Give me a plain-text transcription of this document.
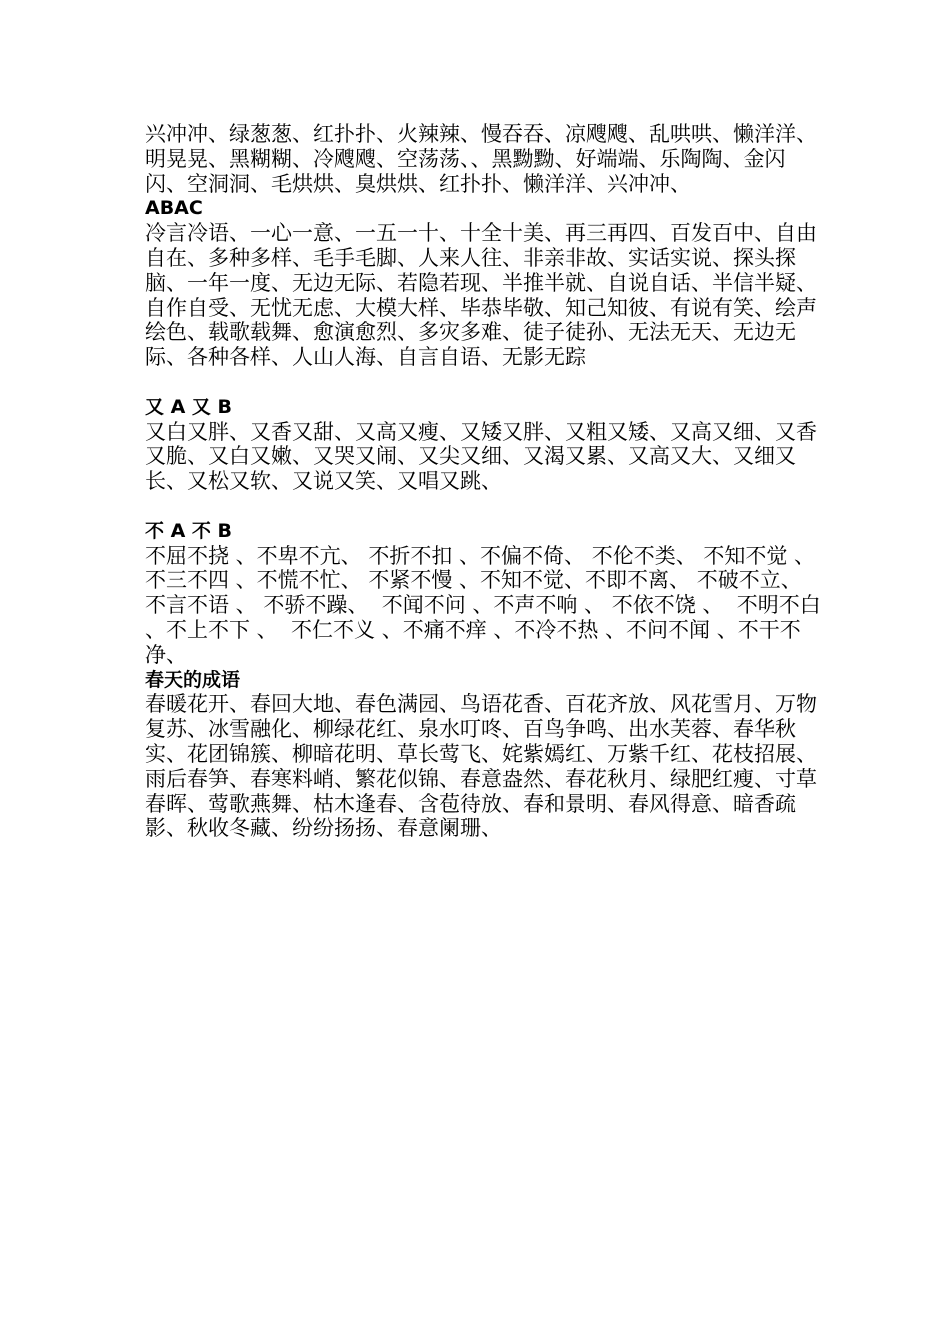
兴冲冲、绿葱葱、红扑扑、火辣辣、慢吞吞、凉飕飕、乱哄哄、懒洋洋、明晃晃、黑糊糊、冷飕飕、空荡荡、、黑黝黝、好端端、乐陶陶、金闪闪、空洞洞、毛烘烘、臭烘烘、红扑扑、懒洋洋、兴冲冲、

ABAC

冷言冷语、一心一意、一五一十、十全十美、再三再四、百发百中、自由自在、多种多样、毛手毛脚、人来人往、非亲非故、实话实说、探头探脑、一年一度、无边无际、若隐若现、半推半就、自说自话、半信半疑、自作自受、无忧无虑、大模大样、毕恭毕敬、知己知彼、有说有笑、绘声绘色、载歌载舞、愈演愈烈、多灾多难、徒子徒孙、无法无天、无边无际、各种各样、人山人海、自言自语、无影无踪

又 A 又 B

又白又胖、又香又甜、又高又瘦、又矮又胖、又粗又矮、又高又细、又香又脆、又白又嫩、又哭又闹、又尖又细、又渴又累、又高又大、又细又长、又松又软、又说又笑、又唱又跳、

不 A 不 B

不屈不挠 、不卑不亢、 不折不扣 、不偏不倚、 不伦不类、 不知不觉 、不三不四 、不慌不忙、 不紧不慢 、不知不觉、不即不离、 不破不立、 不言不语 、 不骄不躁、  不闻不问 、不声不响 、 不依不饶 、  不明不白 、不上不下 、  不仁不义 、不痛不痒 、不冷不热 、不问不闻 、不干不净、

春天的成语

春暖花开、春回大地、春色满园、鸟语花香、百花齐放、风花雪月、万物复苏、冰雪融化、柳绿花红、泉水叮咚、百鸟争鸣、出水芙蓉、春华秋实、花团锦簇、柳暗花明、草长莺飞、姹紫嫣红、万紫千红、花枝招展、雨后春笋、春寒料峭、繁花似锦、春意盎然、春花秋月、绿肥红瘦、寸草春晖、莺歌燕舞、枯木逢春、含苞待放、春和景明、春风得意、暗香疏影、秋收冬藏、纷纷扬扬、春意阑珊、
